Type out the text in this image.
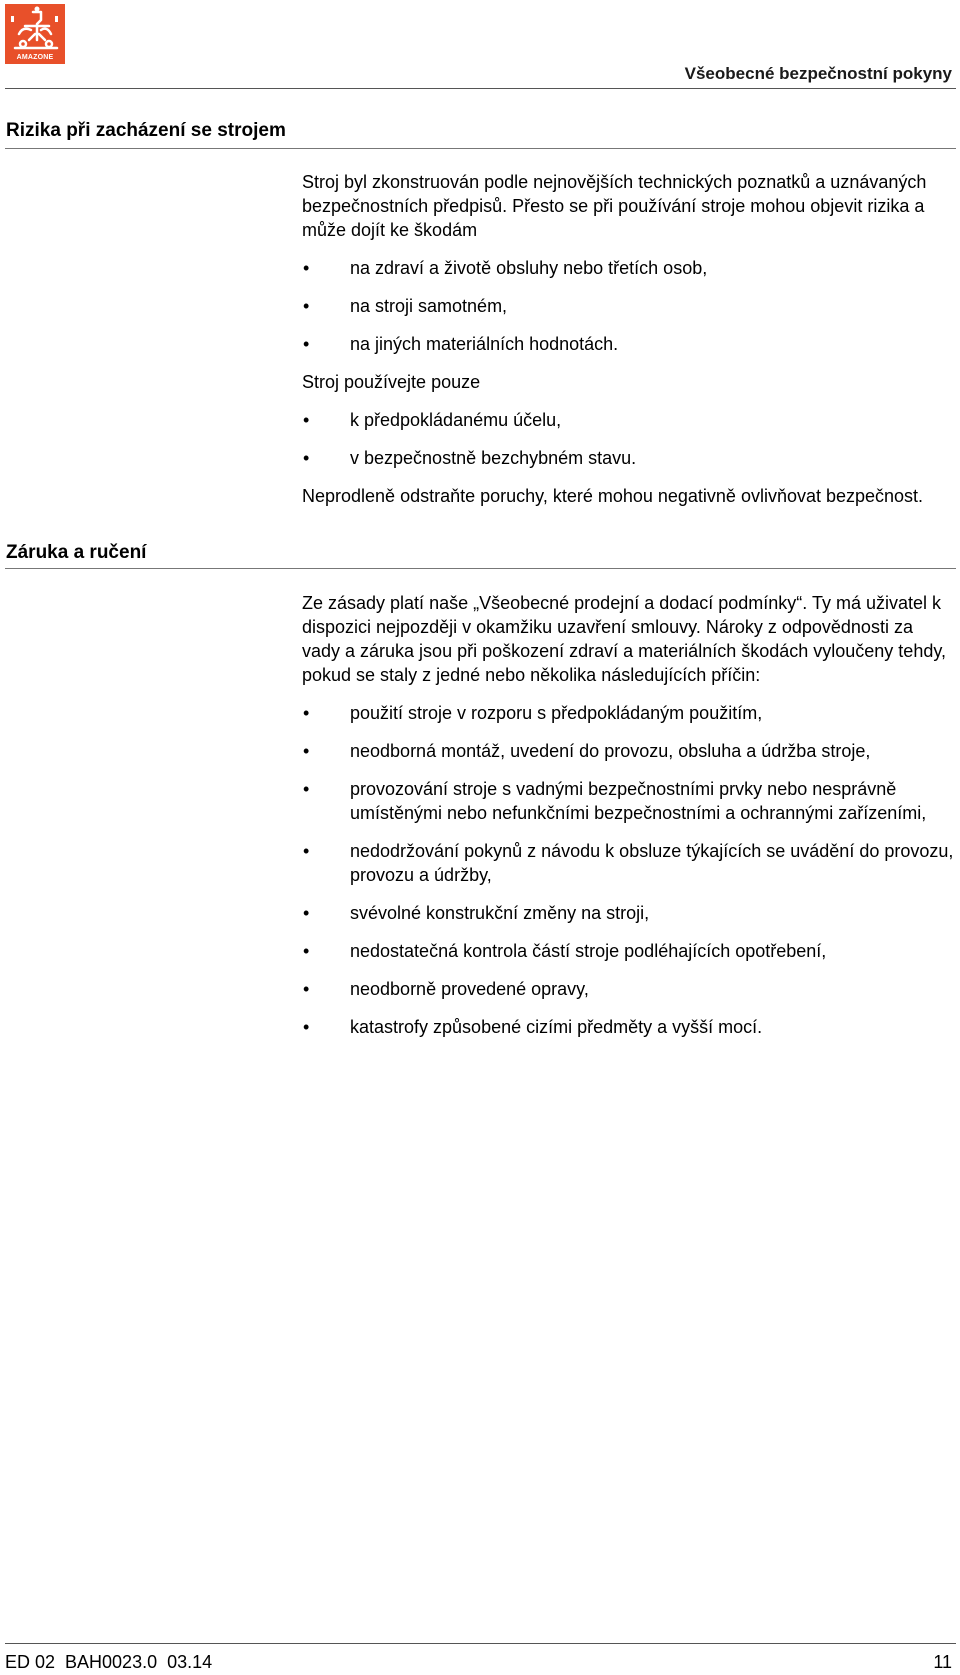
AMAZONE
Všeobecné bezpečnostní pokyny
Rizika při zacházení se strojem

Stroj byl zkonstruován podle nejnovějších technických poznatků a uznávaných bezpečnostních předpisů. Přesto se při používání stroje mohou objevit rizika a může dojít ke škodám

• na zdraví a životě obsluhy nebo třetích osob,
• na stroji samotném,
• na jiných materiálních hodnotách.

Stroj používejte pouze

• k předpokládanému účelu,
• v bezpečnostně bezchybném stavu.

Neprodleně odstraňte poruchy, které mohou negativně ovlivňovat bezpečnost.

Záruka a ručení

Ze zásady platí naše „Všeobecné prodejní a dodací podmínky“. Ty má uživatel k dispozici nejpozději v okamžiku uzavření smlouvy. Nároky z odpovědnosti za vady a záruka jsou při poškození zdraví a materiálních škodách vyloučeny tehdy, pokud se staly z jedné nebo několika následujících příčin:

• použití stroje v rozporu s předpokládaným použitím,
• neodborná montáž, uvedení do provozu, obsluha a údržba stroje,
• provozování stroje s vadnými bezpečnostními prvky nebo nesprávně umístěnými nebo nefunkčními bezpečnostními a ochrannými zařízeními,
• nedodržování pokynů z návodu k obsluze týkajících se uvádění do provozu, provozu a údržby,
• svévolné konstrukční změny na stroji,
• nedostatečná kontrola částí stroje podléhajících opotřebení,
• neodborně provedené opravy,
• katastrofy způsobené cizími předměty a vyšší mocí.
ED 02  BAH0023.0  03.14	11
